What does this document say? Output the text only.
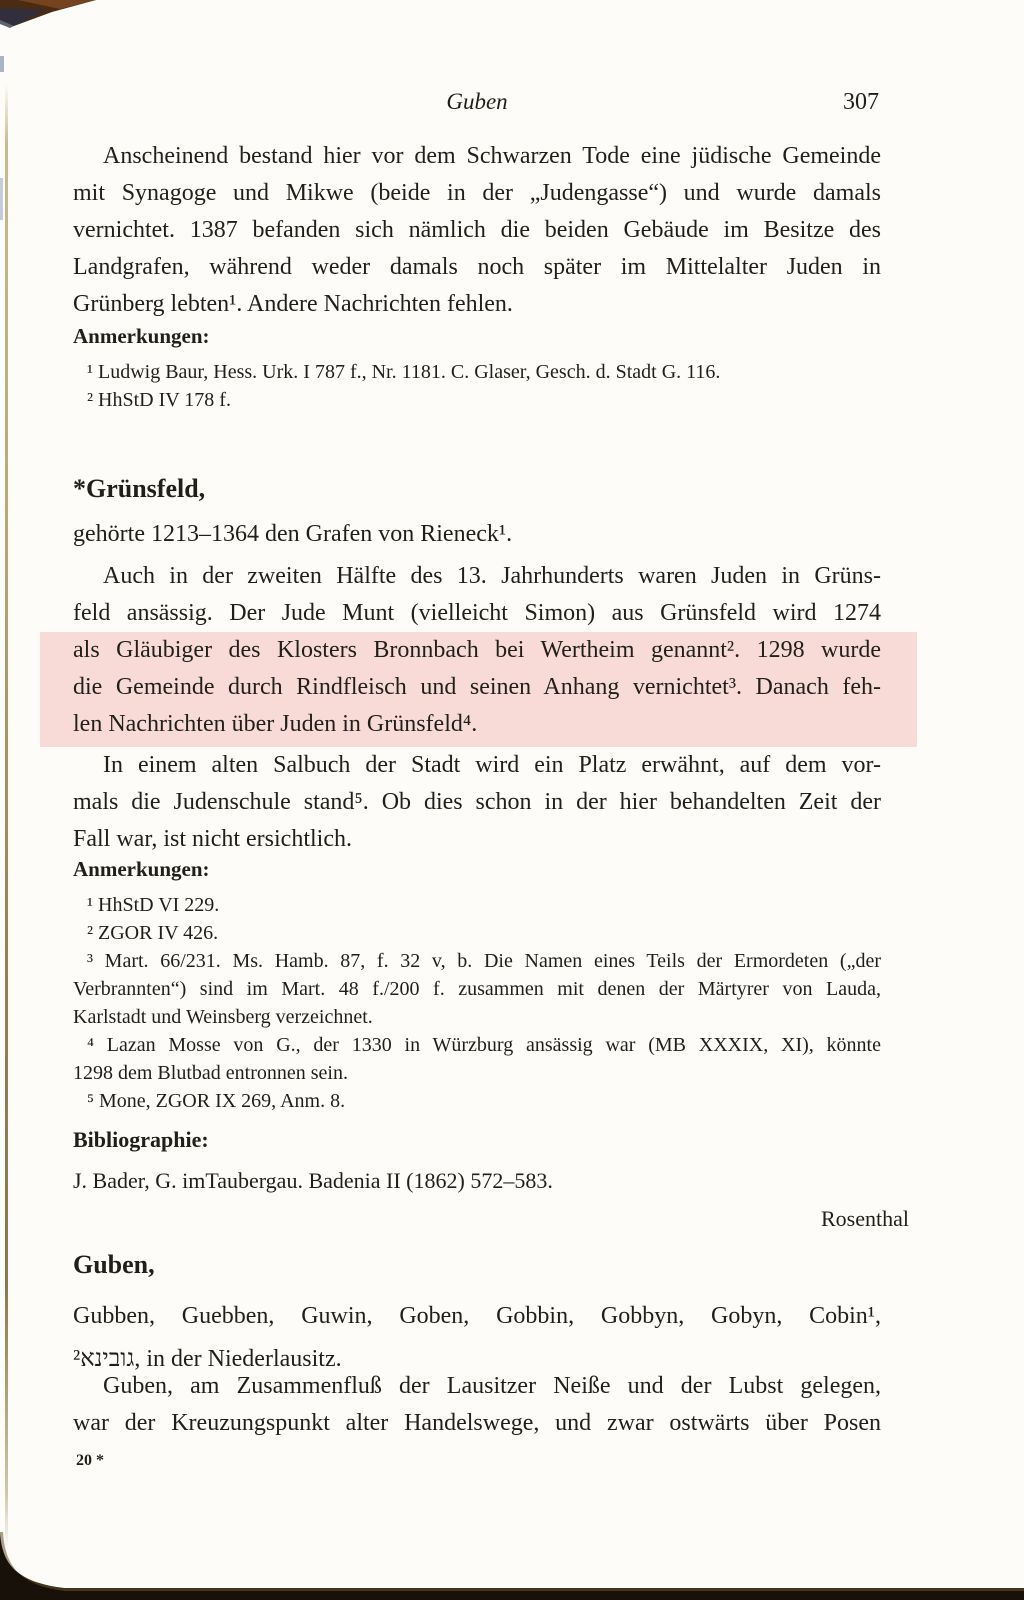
Guben	307
Anscheinend bestand hier vor dem Schwarzen Tode eine jüdische Gemeinde
mit Synagoge und Mikwe (beide in der „Judengasse“) und wurde damals
vernichtet. 1387 befanden sich nämlich die beiden Gebäude im Besitze des
Landgrafen, während weder damals noch später im Mittelalter Juden in
Grünberg lebten¹. Andere Nachrichten fehlen.
Anmerkungen:
¹ Ludwig Baur, Hess. Urk. I 787 f., Nr. 1181. C. Glaser, Gesch. d. Stadt G. 116.
² HhStD IV 178 f.
*Grünsfeld,
gehörte 1213–1364 den Grafen von Rieneck¹.
Auch in der zweiten Hälfte des 13. Jahrhunderts waren Juden in Grüns-
feld ansässig. Der Jude Munt (vielleicht Simon) aus Grünsfeld wird 1274
als Gläubiger des Klosters Bronnbach bei Wertheim genannt². 1298 wurde
die Gemeinde durch Rindfleisch und seinen Anhang vernichtet³. Danach feh-
len Nachrichten über Juden in Grünsfeld⁴.
In einem alten Salbuch der Stadt wird ein Platz erwähnt, auf dem vor-
mals die Judenschule stand⁵. Ob dies schon in der hier behandelten Zeit der
Fall war, ist nicht ersichtlich.
Anmerkungen:
¹ HhStD VI 229.
² ZGOR IV 426.
³ Mart. 66/231. Ms. Hamb. 87, f. 32 v, b. Die Namen eines Teils der Ermordeten („der
Verbrannten“) sind im Mart. 48 f./200 f. zusammen mit denen der Märtyrer von Lauda,
Karlstadt und Weinsberg verzeichnet.
⁴ Lazan Mosse von G., der 1330 in Würzburg ansässig war (MB XXXIX, XI), könnte
1298 dem Blutbad entronnen sein.
⁵ Mone, ZGOR IX 269, Anm. 8.
Bibliographie:
J. Bader, G. imTaubergau. Badenia II (1862) 572–583.
Rosenthal
Guben,
Gubben, Guebben, Guwin, Goben, Gobbin, Gobbyn, Gobyn, Cobin¹,
גובינא², in der Niederlausitz.
Guben, am Zusammenfluß der Lausitzer Neiße und der Lubst gelegen,
war der Kreuzungspunkt alter Handelswege, und zwar ostwärts über Posen
20 *
